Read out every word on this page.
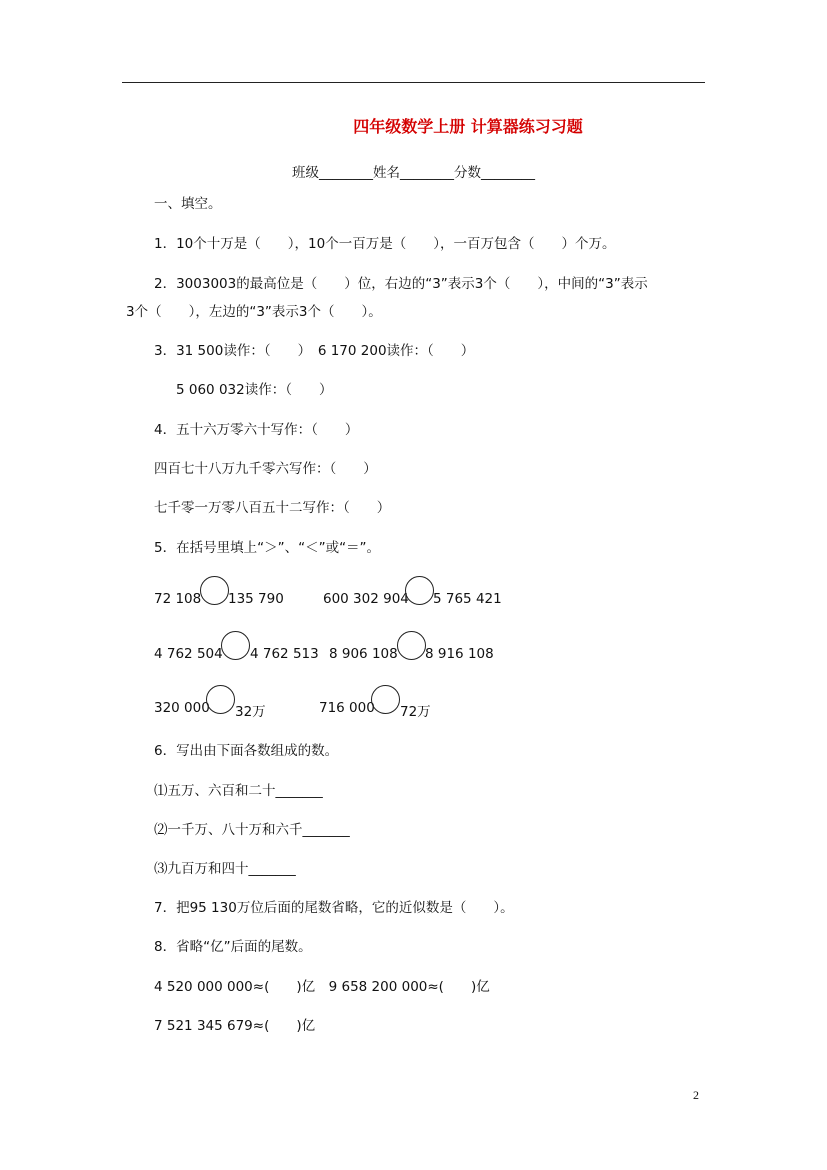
四年级数学上册 计算器练习习题
班级________姓名________分数________
一、填空。
1．10个十万是（　　），10个一百万是（　　），一百万包含（　　）个万。
2．3003003的最高位是（　　）位，右边的“3”表示3个（　　），中间的“3”表示
3个（　　），左边的“3”表示3个（　　）。
3．31 500读作：（　　）　6 170 200读作：（　　）
5 060 032读作：（　　）
4．五十六万零六十写作：（　　）
四百七十八万九千零六写作：（　　）
七千零一万零八百五十二写作：（　　）
5．在括号里填上“＞”、“＜”或“＝”。
72 108 135 790	600 302 904 5 765 421
4 762 504 4 762 513 8 906 108 8 916 108
320 000 32万	716 000 72万
6．写出由下面各数组成的数。
⑴五万、六百和二十_______
⑵一千万、八十万和六千_______
⑶九百万和四十_______
7．把95 130万位后面的尾数省略，它的近似数是（　　）。
8．省略“亿”后面的尾数。
4 520 000 000≈(　　)亿　9 658 200 000≈(　　)亿
7 521 345 679≈(　　)亿
2
